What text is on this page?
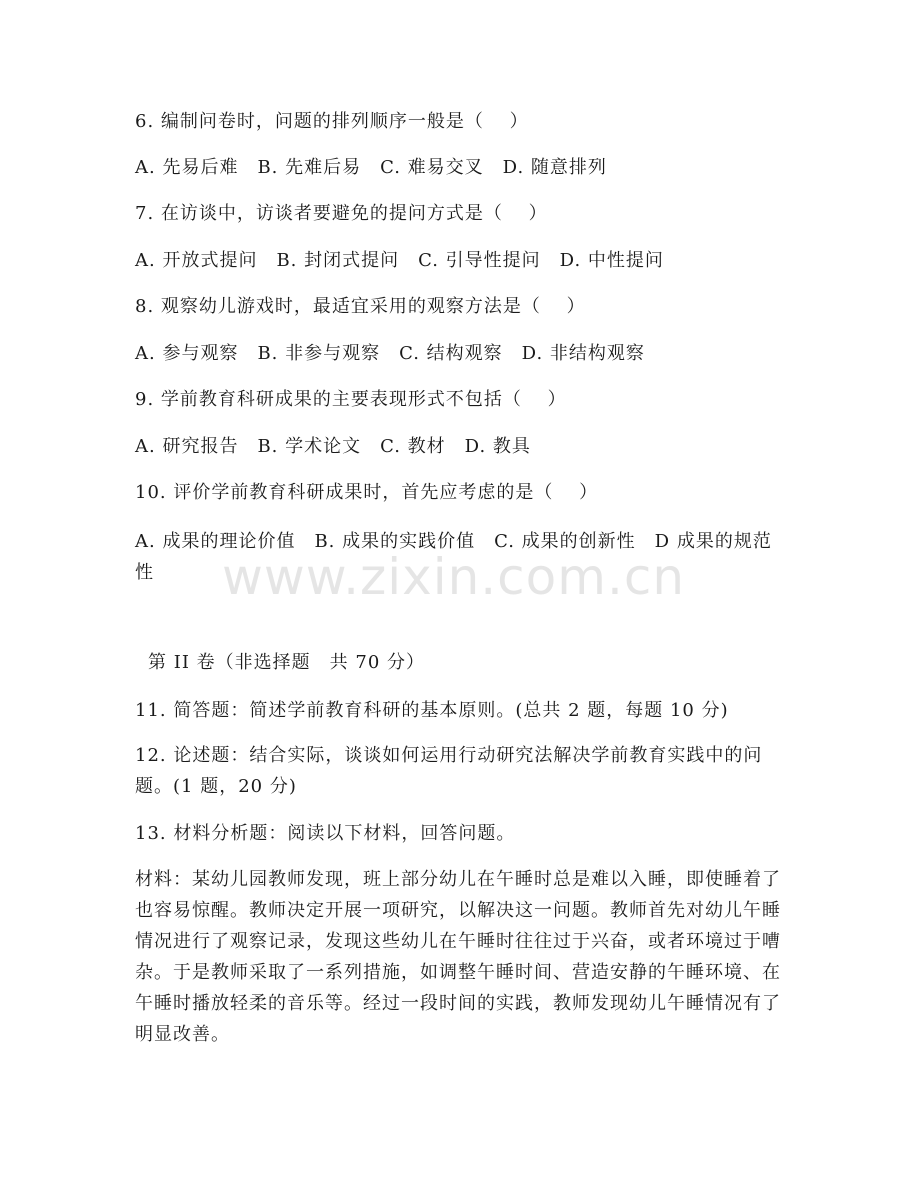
6. 编制问卷时，问题的排列顺序一般是（　 ）
A. 先易后难　B. 先难后易　C. 难易交叉　D. 随意排列
7. 在访谈中，访谈者要避免的提问方式是（　 ）
A. 开放式提问　B. 封闭式提问　C. 引导性提问　D. 中性提问
8. 观察幼儿游戏时，最适宜采用的观察方法是（　 ）
A. 参与观察　B. 非参与观察　C. 结构观察　D. 非结构观察
9. 学前教育科研成果的主要表现形式不包括（　 ）
A. 研究报告　B. 学术论文　C. 教材　D. 教具
10. 评价学前教育科研成果时，首先应考虑的是（　 ）
A. 成果的理论价值　B. 成果的实践价值　C. 成果的创新性　D 成果的规范性	www.zixin.com.cn
第 II 卷（非选择题　共 70 分）
11. 简答题：简述学前教育科研的基本原则。(总共 2 题，每题 10 分)
12. 论述题：结合实际，谈谈如何运用行动研究法解决学前教育实践中的问题。(1 题，20 分)
13. 材料分析题：阅读以下材料，回答问题。
材料：某幼儿园教师发现，班上部分幼儿在午睡时总是难以入睡，即使睡着了也容易惊醒。教师决定开展一项研究，以解决这一问题。教师首先对幼儿午睡情况进行了观察记录，发现这些幼儿在午睡时往往过于兴奋，或者环境过于嘈杂。于是教师采取了一系列措施，如调整午睡时间、营造安静的午睡环境、在午睡时播放轻柔的音乐等。经过一段时间的实践，教师发现幼儿午睡情况有了明显改善。
